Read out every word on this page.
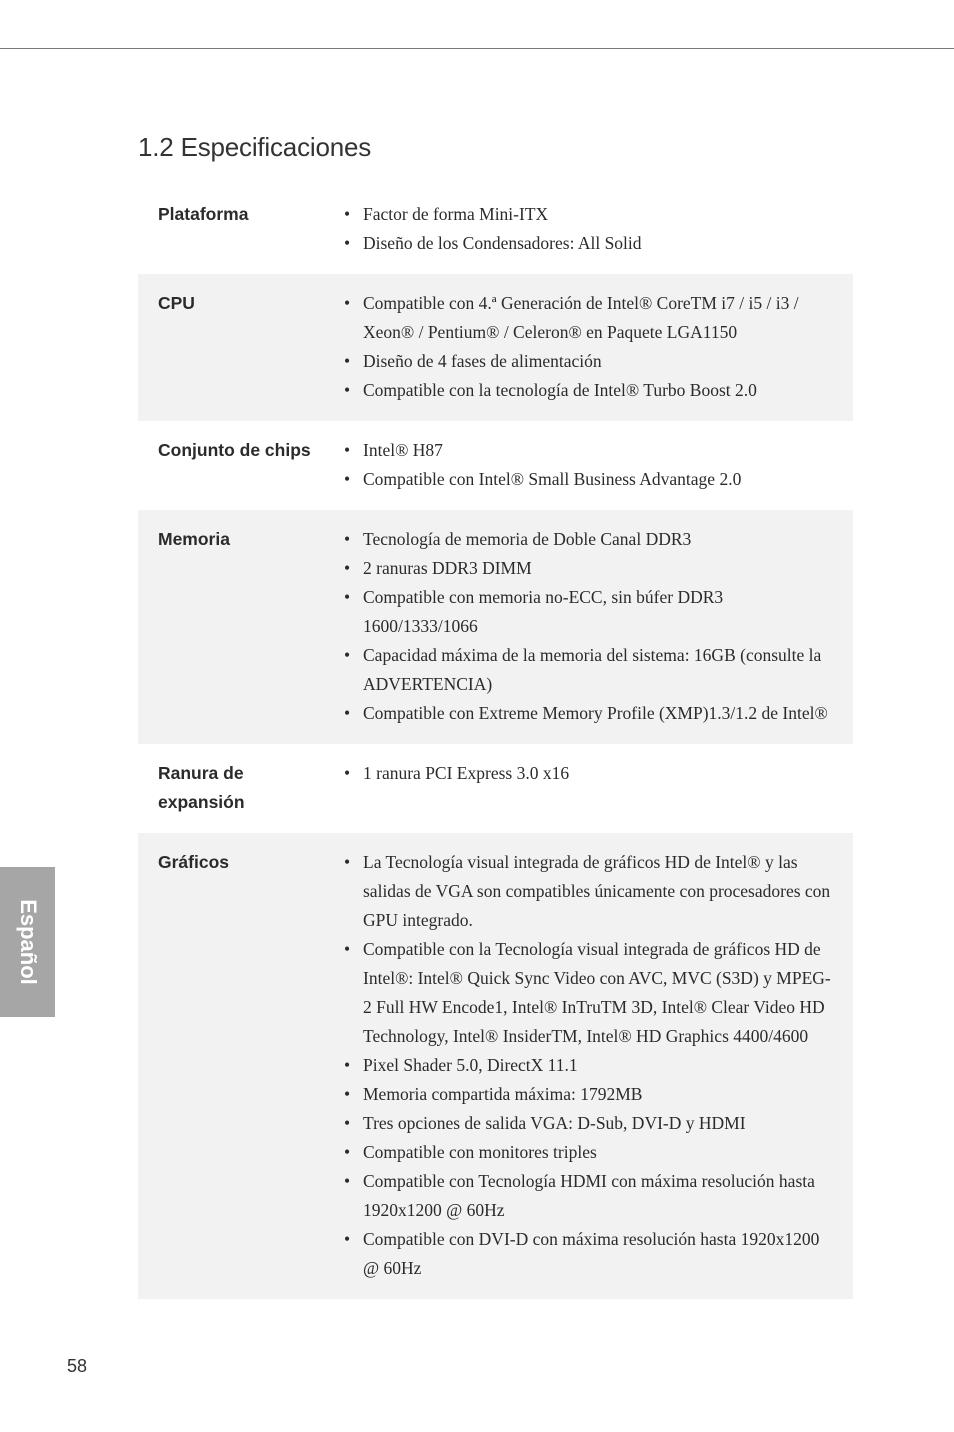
1.2 Especificaciones
Plataforma	• Factor de forma Mini-ITX
• Diseño de los Condensadores: All Solid
CPU	• Compatible con 4.ª Generación de Intel® CoreTM i7 / i5 / i3 / Xeon® / Pentium® / Celeron® en Paquete LGA1150
• Diseño de 4 fases de alimentación
• Compatible con la tecnología de Intel® Turbo Boost 2.0
Conjunto de chips	• Intel® H87
• Compatible con Intel® Small Business Advantage 2.0
Memoria	• Tecnología de memoria de Doble Canal DDR3
• 2 ranuras DDR3 DIMM
• Compatible con memoria no-ECC, sin búfer DDR3 1600/1333/1066
• Capacidad máxima de la memoria del sistema: 16GB (consulte la ADVERTENCIA)
• Compatible con Extreme Memory Profile (XMP)1.3/1.2 de Intel®
Ranura de expansión
• 1 ranura PCI Express 3.0 x16
Gráficos	• La Tecnología visual integrada de gráficos HD de Intel® y las salidas de VGA son compatibles únicamente con procesadores con GPU integrado.
• Compatible con la Tecnología visual integrada de gráficos HD de Intel®: Intel® Quick Sync Video con AVC, MVC (S3D) y MPEG-2 Full HW Encode1, Intel® InTruTM 3D, Intel® Clear Video HD Technology, Intel® InsiderTM, Intel® HD Graphics 4400/4600
• Pixel Shader 5.0, DirectX 11.1
• Memoria compartida máxima: 1792MB
• Tres opciones de salida VGA: D-Sub, DVI-D y HDMI
• Compatible con monitores triples
• Compatible con Tecnología HDMI con máxima resolución hasta 1920x1200 @ 60Hz
• Compatible con DVI-D con máxima resolución hasta 1920x1200 @ 60Hz
Español
58
